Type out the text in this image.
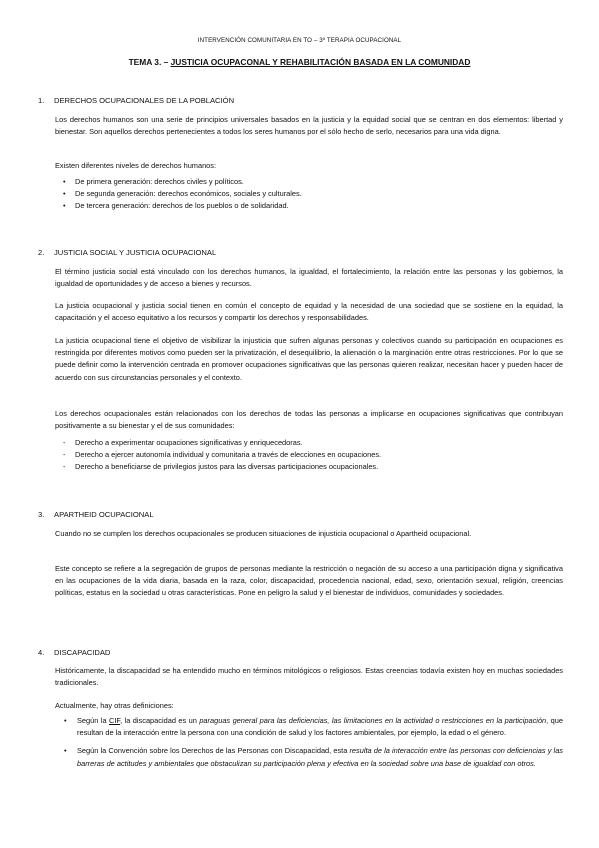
INTERVENCIÓN COMUNITARIA EN TO – 3º TERAPIA OCUPACIONAL
TEMA 3. – JUSTICIA OCUPACONAL Y REHABILITACIÓN BASADA EN LA COMUNIDAD
1. DERECHOS OCUPACIONALES DE LA POBLACIÓN

Los derechos humanos son una serie de principios universales basados en la justicia y la equidad social que se centran en dos elementos: libertad y bienestar. Son aquellos derechos pertenecientes a todos los seres humanos por el sólo hecho de serlo, necesarios para una vida digna.

Existen diferentes niveles de derechos humanos:

• De primera generación: derechos civiles y políticos.
• De segunda generación: derechos económicos, sociales y culturales.
• De tercera generación: derechos de los pueblos o de solidaridad.
2. JUSTICIA SOCIAL Y JUSTICIA OCUPACIONAL

El término justicia social está vinculado con los derechos humanos, la igualdad, el fortalecimiento, la relación entre las personas y los gobiernos, la igualdad de oportunidades y de acceso a bienes y recursos.

La justicia ocupacional y justicia social tienen en común el concepto de equidad y la necesidad de una sociedad que se sostiene en la equidad, la capacitación y el acceso equitativo a los recursos y compartir los derechos y responsabilidades.

La justicia ocupacional tiene el objetivo de visibilizar la injusticia que sufren algunas personas y colectivos cuando su participación en ocupaciones es restringida por diferentes motivos como pueden ser la privatización, el desequilibrio, la alienación o la marginación entre otras restricciones. Por lo que se puede definir como la intervención centrada en promover ocupaciones significativas que las personas quieren realizar, necesitan hacer y pueden hacer de acuerdo con sus circunstancias personales y el contexto.

Los derechos ocupacionales están relacionados con los derechos de todas las personas a implicarse en ocupaciones significativas que contribuyan positivamente a su bienestar y el de sus comunidades:

- Derecho a experimentar ocupaciones significativas y enriquecedoras.
- Derecho a ejercer autonomía individual y comunitaria a través de elecciones en ocupaciones.
- Derecho a beneficiarse de privilegios justos para las diversas participaciones ocupacionales.
3. APARTHEID OCUPACIONAL

Cuando no se cumplen los derechos ocupacionales se producen situaciones de injusticia ocupacional o Apartheid ocupacional.

Este concepto se refiere a la segregación de grupos de personas mediante la restricción o negación de su acceso a una participación digna y significativa en las ocupaciones de la vida diaria, basada en la raza, color, discapacidad, procedencia nacional, edad, sexo, orientación sexual, religión, creencias políticas, estatus en la sociedad u otras características. Pone en peligro la salud y el bienestar de individuos, comunidades y sociedades.

4. DISCAPACIDAD

Históricamente, la discapacidad se ha entendido mucho en términos mitológicos o religiosos. Estas creencias todavía existen hoy en muchas sociedades tradicionales.

Actualmente, hay otras definiciones:

• Según la CIF, la discapacidad es un paraguas general para las deficiencias, las limitaciones en la actividad o restricciones en la participación, que resultan de la interacción entre la persona con una condición de salud y los factores ambientales, por ejemplo, la edad o el género.
• Según la Convención sobre los Derechos de las Personas con Discapacidad, esta resulta de la interacción entre las personas con deficiencias y las barreras de actitudes y ambientales que obstaculizan su participación plena y efectiva en la sociedad sobre una base de igualdad con otros.
